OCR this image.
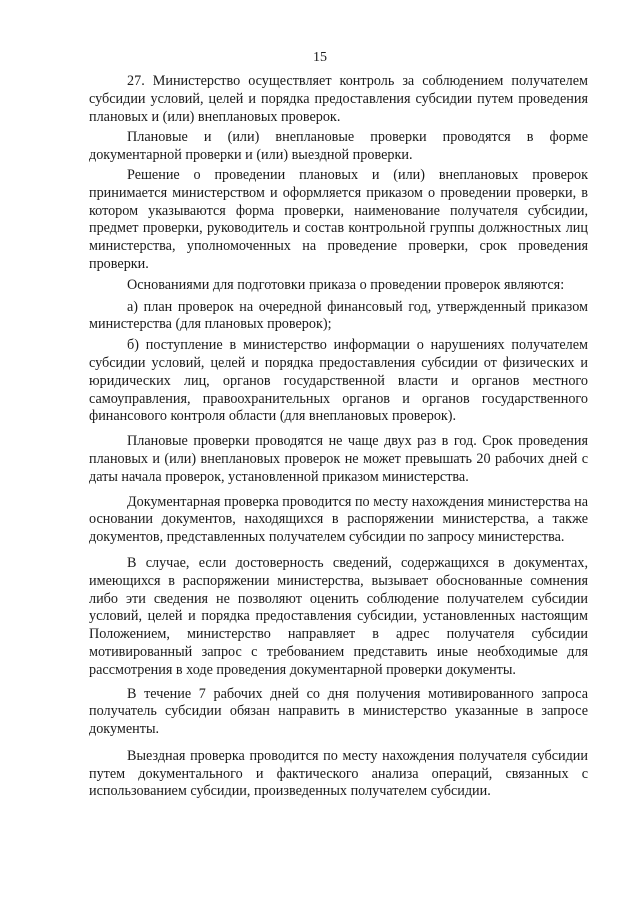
15

27. Министерство осуществляет контроль за соблюдением получателем субсидии условий, целей и порядка предоставления субсидии путем проведения плановых и (или) внеплановых проверок.

Плановые и (или) внеплановые проверки проводятся в форме документарной проверки и (или) выездной проверки.

Решение о проведении плановых и (или) внеплановых проверок принимается министерством и оформляется приказом о проведении проверки, в котором указываются форма проверки, наименование получателя субсидии, предмет проверки, руководитель и состав контрольной группы должностных лиц министерства, уполномоченных на проведение проверки, срок проведения проверки.

Основаниями для подготовки приказа о проведении проверок являются:

а) план проверок на очередной финансовый год, утвержденный приказом министерства (для плановых проверок);

б) поступление в министерство информации о нарушениях получателем субсидии условий, целей и порядка предоставления субсидии от физических и юридических лиц, органов государственной власти и органов местного самоуправления, правоохранительных органов и органов государственного финансового контроля области (для внеплановых проверок).

Плановые проверки проводятся не чаще двух раз в год. Срок проведения плановых и (или) внеплановых проверок не может превышать 20 рабочих дней с даты начала проверок, установленной приказом министерства.

Документарная проверка проводится по месту нахождения министерства на основании документов, находящихся в распоряжении министерства, а также документов, представленных получателем субсидии по запросу министерства.

В случае, если достоверность сведений, содержащихся в документах, имеющихся в распоряжении министерства, вызывает обоснованные сомнения либо эти сведения не позволяют оценить соблюдение получателем субсидии условий, целей и порядка предоставления субсидии, установленных настоящим Положением, министерство направляет в адрес получателя субсидии мотивированный запрос с требованием представить иные необходимые для рассмотрения в ходе проведения документарной проверки документы.

В течение 7 рабочих дней со дня получения мотивированного запроса получатель субсидии обязан направить в министерство указанные в запросе документы.

Выездная проверка проводится по месту нахождения получателя субсидии путем документального и фактического анализа операций, связанных с использованием субсидии, произведенных получателем субсидии.
